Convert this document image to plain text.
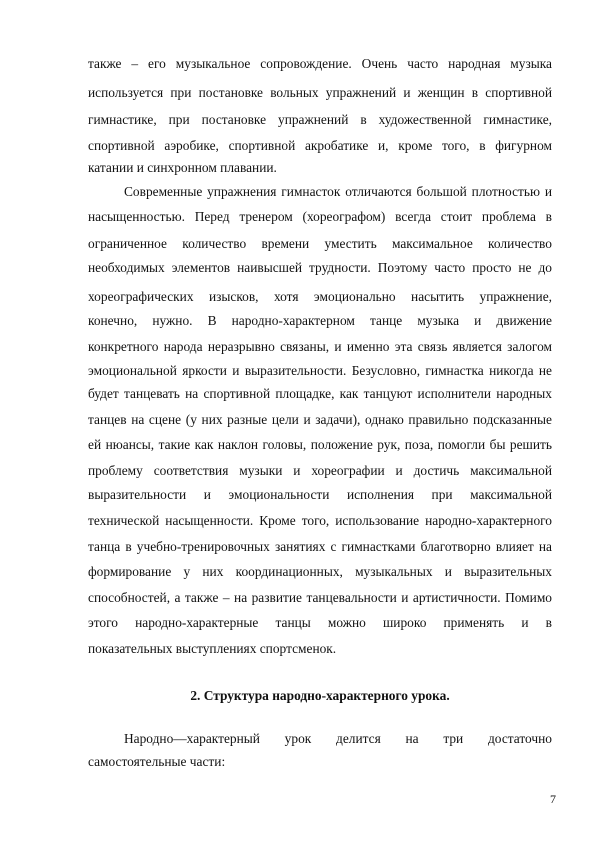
также – его музыкальное сопровождение. Очень часто народная музыка
используется при постановке вольных упражнений и женщин в спортивной
гимнастике, при постановке упражнений в художественной гимнастике,
спортивной аэробике, спортивной акробатике и, кроме того, в фигурном
катании и синхронном плавании.
Современные упражнения гимнасток отличаются большой плотностью и
насыщенностью. Перед тренером (хореографом) всегда стоит проблема в
ограниченное количество времени уместить максимальное количество
необходимых элементов наивысшей трудности. Поэтому часто просто не до
хореографических изысков, хотя эмоционально насытить упражнение,
конечно, нужно. В народно-характерном танце музыка и движение
конкретного народа неразрывно связаны, и именно эта связь является залогом
эмоциональной яркости и выразительности. Безусловно, гимнастка никогда не
будет танцевать на спортивной площадке, как танцуют исполнители народных
танцев на сцене (у них разные цели и задачи), однако правильно подсказанные
ей нюансы, такие как наклон головы, положение рук, поза, помогли бы решить
проблему соответствия музыки и хореографии и достичь максимальной
выразительности и эмоциональности исполнения при максимальной
технической насыщенности. Кроме того, использование народно-характерного
танца в учебно-тренировочных занятиях с гимнастками благотворно влияет на
формирование у них координационных, музыкальных и выразительных
способностей, а также – на развитие танцевальности и артистичности. Помимо
этого народно-характерные танцы можно широко применять и в
показательных выступлениях спортсменок.
2. Структура народно-характерного урока.
Народно—характерный урок делится на три достаточно
самостоятельные части:
7
